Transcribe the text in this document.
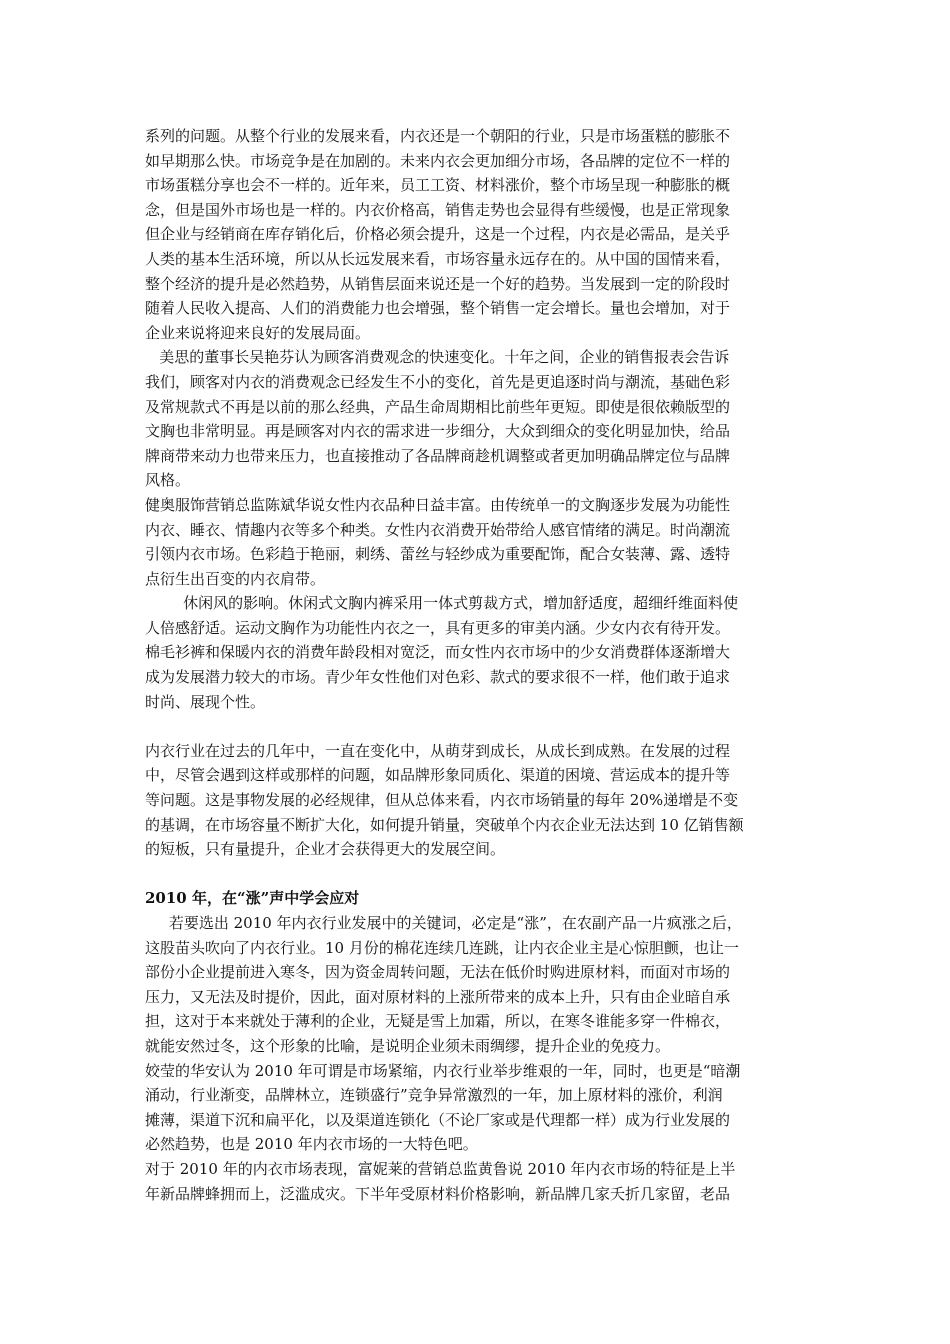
系列的问题。从整个行业的发展来看，内衣还是一个朝阳的行业，只是市场蛋糕的膨胀不
如早期那么快。市场竞争是在加剧的。未来内衣会更加细分市场，各品牌的定位不一样的
市场蛋糕分享也会不一样的。近年来，员工工资、材料涨价，整个市场呈现一种膨胀的概
念，但是国外市场也是一样的。内衣价格高，销售走势也会显得有些缓慢，也是正常现象
但企业与经销商在库存销化后，价格必须会提升，这是一个过程，内衣是必需品，是关乎
人类的基本生活环境，所以从长远发展来看，市场容量永远存在的。从中国的国情来看，
整个经济的提升是必然趋势，从销售层面来说还是一个好的趋势。当发展到一定的阶段时
随着人民收入提高、人们的消费能力也会增强，整个销售一定会增长。量也会增加，对于
企业来说将迎来良好的发展局面。
美思的董事长吴艳芬认为顾客消费观念的快速变化。十年之间，企业的销售报表会告诉
我们，顾客对内衣的消费观念已经发生不小的变化，首先是更追逐时尚与潮流，基础色彩
及常规款式不再是以前的那么经典，产品生命周期相比前些年更短。即使是很依赖版型的
文胸也非常明显。再是顾客对内衣的需求进一步细分，大众到细众的变化明显加快，给品
牌商带来动力也带来压力，也直接推动了各品牌商趁机调整或者更加明确品牌定位与品牌
风格。
健奥服饰营销总监陈斌华说女性内衣品种日益丰富。由传统单一的文胸逐步发展为功能性
内衣、睡衣、情趣内衣等多个种类。女性内衣消费开始带给人感官情绪的满足。时尚潮流
引领内衣市场。色彩趋于艳丽，刺绣、蕾丝与轻纱成为重要配饰，配合女装薄、露、透特
点衍生出百变的内衣肩带。
休闲风的影响。休闲式文胸内裤采用一体式剪裁方式，增加舒适度，超细纤维面料使
人倍感舒适。运动文胸作为功能性内衣之一，具有更多的审美内涵。少女内衣有待开发。
棉毛衫裤和保暖内衣的消费年龄段相对宽泛，而女性内衣市场中的少女消费群体逐渐增大
成为发展潜力较大的市场。青少年女性他们对色彩、款式的要求很不一样，他们敢于追求
时尚、展现个性。
内衣行业在过去的几年中，一直在变化中，从萌芽到成长，从成长到成熟。在发展的过程
中，尽管会遇到这样或那样的问题，如品牌形象同质化、渠道的困境、营运成本的提升等
等问题。这是事物发展的必经规律，但从总体来看，内衣市场销量的每年 20%递增是不变
的基调，在市场容量不断扩大化，如何提升销量，突破单个内衣企业无法达到 10 亿销售额
的短板，只有量提升，企业才会获得更大的发展空间。
2010 年，在“涨”声中学会应对
若要选出 2010 年内衣行业发展中的关键词，必定是“涨”，在农副产品一片疯涨之后，
这股苗头吹向了内衣行业。10 月份的棉花连续几连跳，让内衣企业主是心惊胆颤，也让一
部份小企业提前进入寒冬，因为资金周转问题，无法在低价时购进原材料，而面对市场的
压力，又无法及时提价，因此，面对原材料的上涨所带来的成本上升，只有由企业暗自承
担，这对于本来就处于薄利的企业，无疑是雪上加霜，所以，在寒冬谁能多穿一件棉衣，
就能安然过冬，这个形象的比喻，是说明企业须未雨绸缪，提升企业的免疫力。
姣莹的华安认为 2010 年可谓是市场紧缩，内衣行业举步维艰的一年，同时，也更是“暗潮
涌动，行业渐变，品牌林立，连锁盛行”竞争异常激烈的一年，加上原材料的涨价，利润
摊薄，渠道下沉和扁平化，以及渠道连锁化（不论厂家或是代理都一样）成为行业发展的
必然趋势，也是 2010 年内衣市场的一大特色吧。
对于 2010 年的内衣市场表现，富妮莱的营销总监黄鲁说 2010 年内衣市场的特征是上半
年新品牌蜂拥而上，泛滥成灾。下半年受原材料价格影响，新品牌几家夭折几家留，老品
